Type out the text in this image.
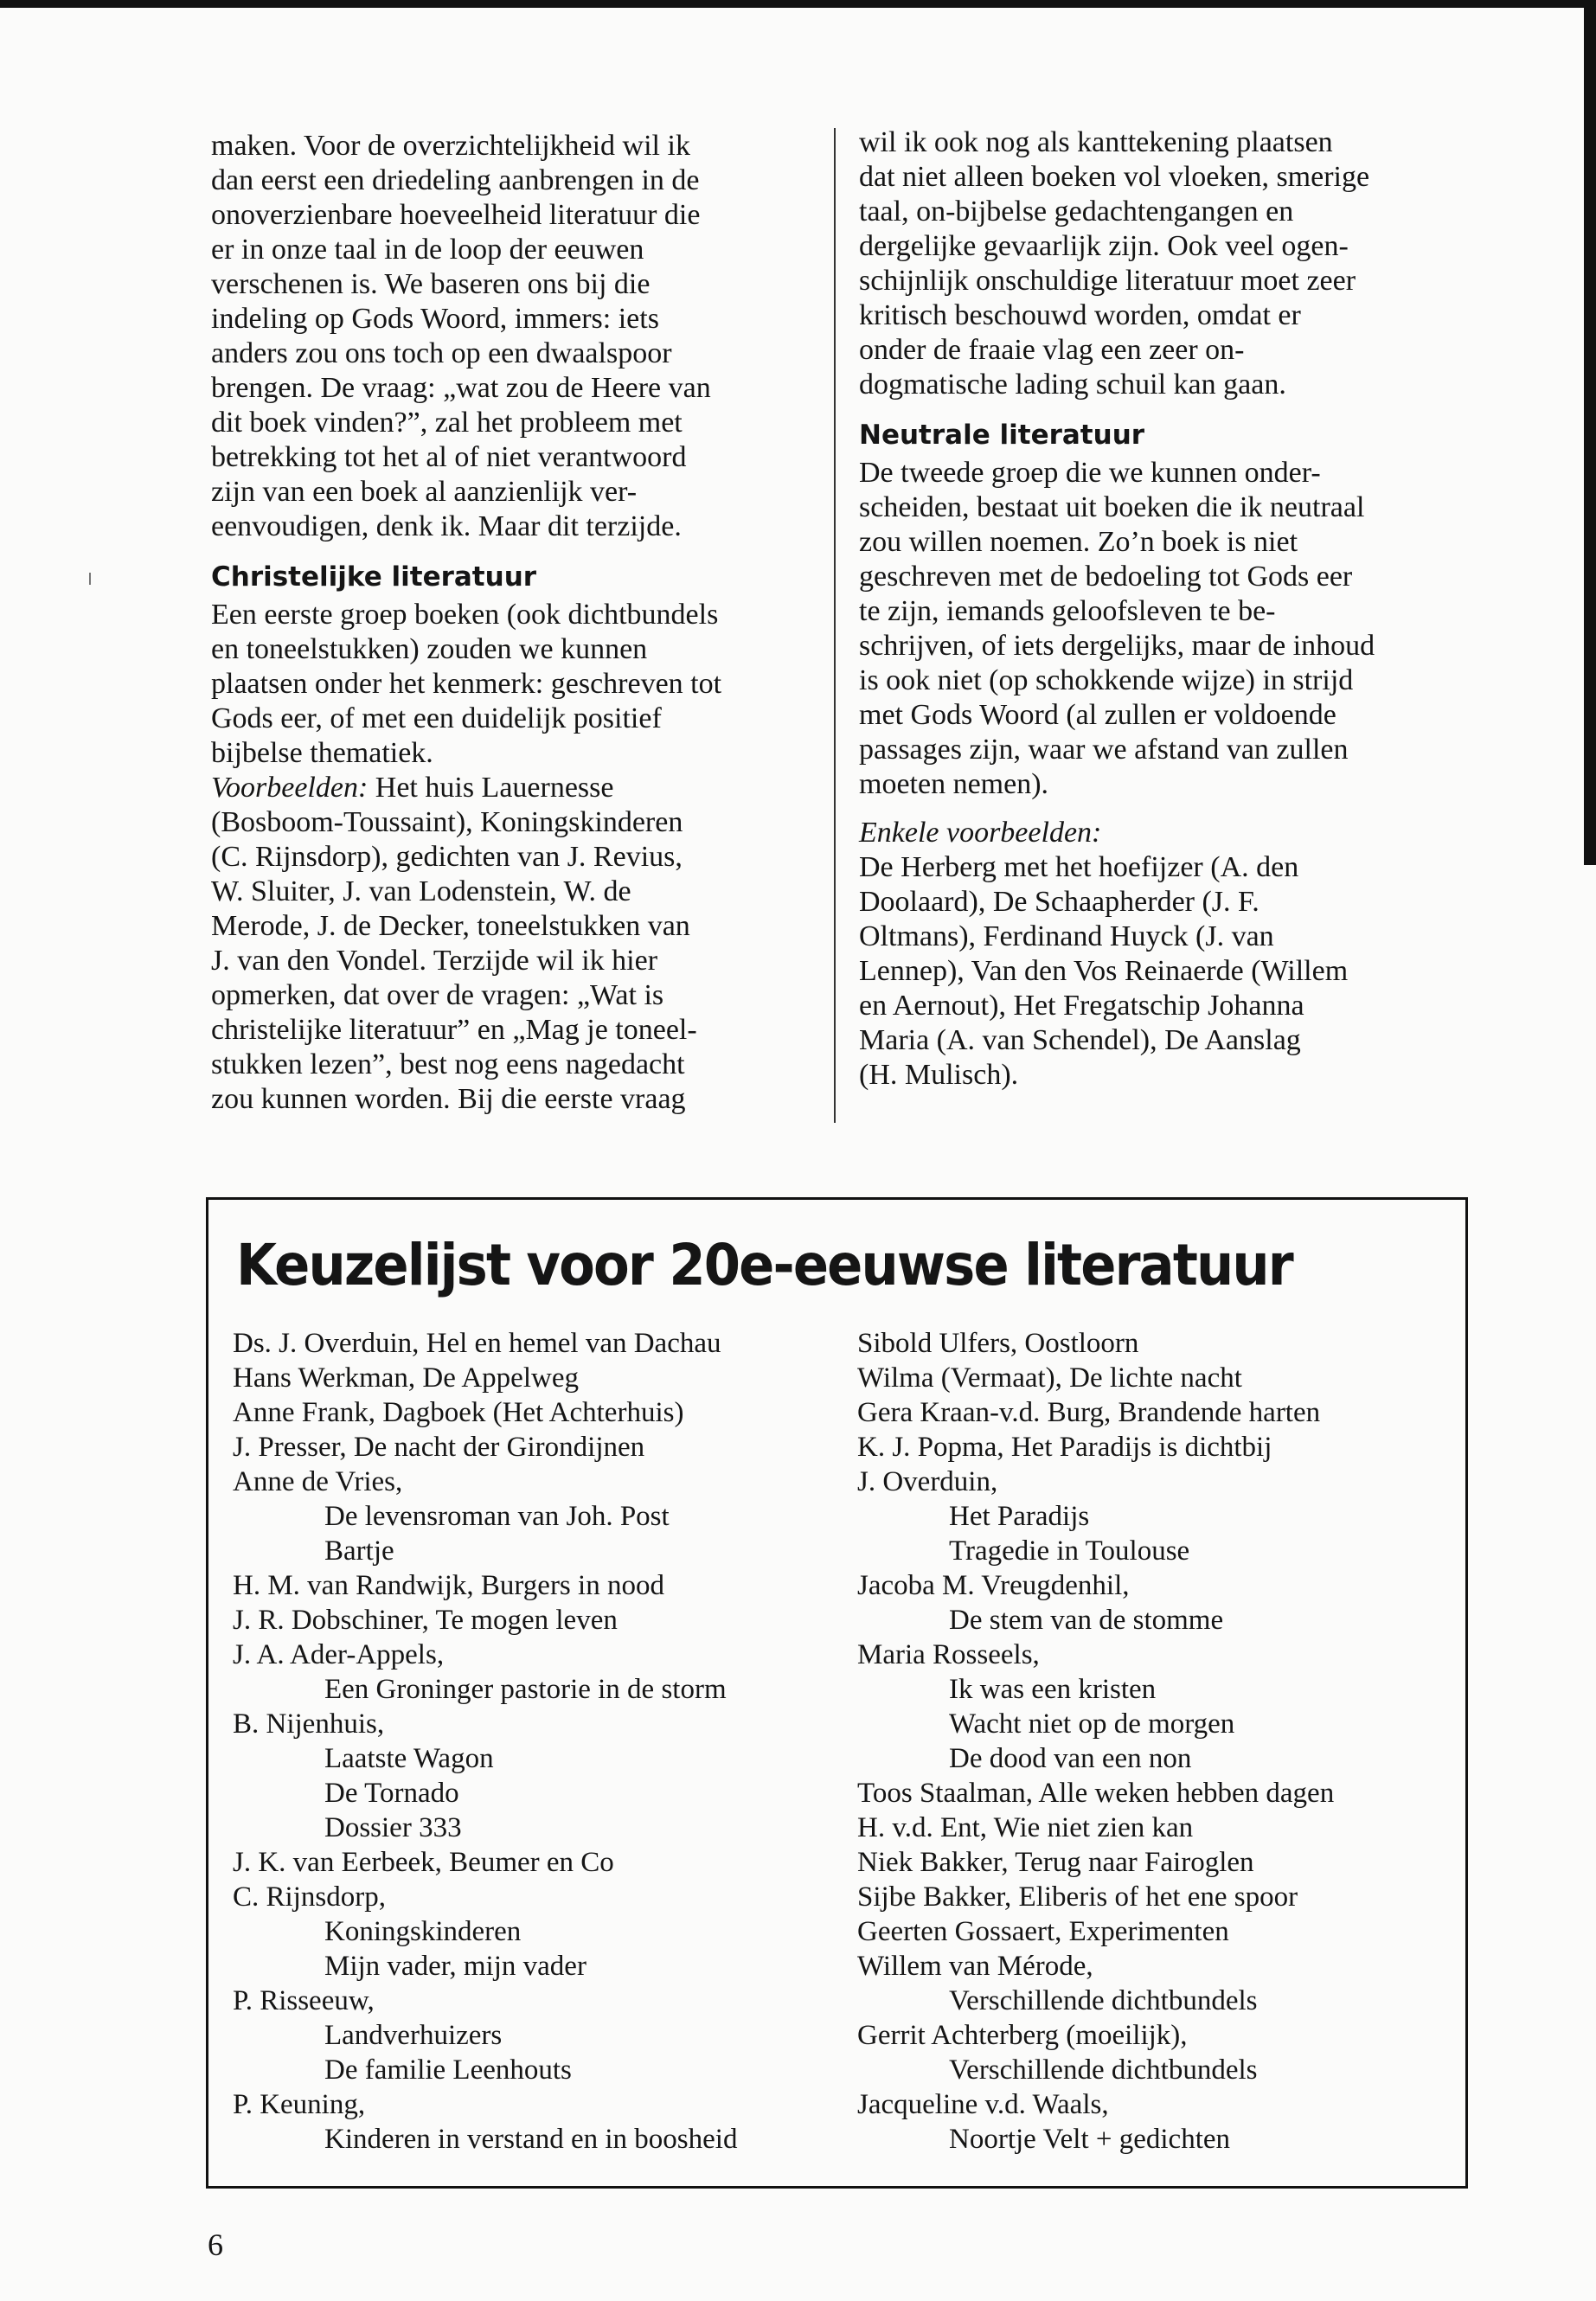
maken. Voor de overzichtelijkheid wil ik

dan eerst een driedeling aanbrengen in de

onoverzienbare hoeveelheid literatuur die

er in onze taal in de loop der eeuwen

verschenen is. We baseren ons bij die

indeling op Gods Woord, immers: iets

anders zou ons toch op een dwaalspoor

brengen. De vraag: „wat zou de Heere van

dit boek vinden?”, zal het probleem met

betrekking tot het al of niet verantwoord

zijn van een boek al aanzienlijk ver-

eenvoudigen, denk ik. Maar dit terzijde.

Christelijke literatuur

Een eerste groep boeken (ook dichtbundels

en toneelstukken) zouden we kunnen

plaatsen onder het kenmerk: geschreven tot

Gods eer, of met een duidelijk positief

bijbelse thematiek.

Voorbeelden: Het huis Lauernesse

(Bosboom-Toussaint), Koningskinderen

(C. Rijnsdorp), gedichten van J. Revius,

W. Sluiter, J. van Lodenstein, W. de

Merode, J. de Decker, toneelstukken van

J. van den Vondel. Terzijde wil ik hier

opmerken, dat over de vragen: „Wat is

christelijke literatuur” en „Mag je toneel-

stukken lezen”, best nog eens nagedacht

zou kunnen worden. Bij die eerste vraag

wil ik ook nog als kanttekening plaatsen

dat niet alleen boeken vol vloeken, smerige

taal, on-bijbelse gedachtengangen en

dergelijke gevaarlijk zijn. Ook veel ogen-

schijnlijk onschuldige literatuur moet zeer

kritisch beschouwd worden, omdat er

onder de fraaie vlag een zeer on-

dogmatische lading schuil kan gaan.

Neutrale literatuur

De tweede groep die we kunnen onder-

scheiden, bestaat uit boeken die ik neutraal

zou willen noemen. Zo’n boek is niet

geschreven met de bedoeling tot Gods eer

te zijn, iemands geloofsleven te be-

schrijven, of iets dergelijks, maar de inhoud

is ook niet (op schokkende wijze) in strijd

met Gods Woord (al zullen er voldoende

passages zijn, waar we afstand van zullen

moeten nemen).

Enkele voorbeelden:

De Herberg met het hoefijzer (A. den

Doolaard), De Schaapherder (J. F.

Oltmans), Ferdinand Huyck (J. van

Lennep), Van den Vos Reinaerde (Willem

en Aernout), Het Fregatschip Johanna

Maria (A. van Schendel), De Aanslag

(H. Mulisch).

Keuzelijst voor 20e-eeuwse literatuur
Ds. J. Overduin, Hel en hemel van Dachau
Hans Werkman, De Appelweg
Anne Frank, Dagboek (Het Achterhuis)
J. Presser, De nacht der Girondijnen
Anne de Vries,
De levensroman van Joh. Post
Bartje
H. M. van Randwijk, Burgers in nood
J. R. Dobschiner, Te mogen leven
J. A. Ader-Appels,
Een Groninger pastorie in de storm
B. Nijenhuis,
Laatste Wagon
De Tornado
Dossier 333
J. K. van Eerbeek, Beumer en Co
C. Rijnsdorp,
Koningskinderen
Mijn vader, mijn vader
P. Risseeuw,
Landverhuizers
De familie Leenhouts
P. Keuning,
Kinderen in verstand en in boosheid
Sibold Ulfers, Oostloorn
Wilma (Vermaat), De lichte nacht
Gera Kraan-v.d. Burg, Brandende harten
K. J. Popma, Het Paradijs is dichtbij
J. Overduin,
Het Paradijs
Tragedie in Toulouse
Jacoba M. Vreugdenhil,
De stem van de stomme
Maria Rosseels,
Ik was een kristen
Wacht niet op de morgen
De dood van een non
Toos Staalman, Alle weken hebben dagen
H. v.d. Ent, Wie niet zien kan
Niek Bakker, Terug naar Fairoglen
Sijbe Bakker, Eliberis of het ene spoor
Geerten Gossaert, Experimenten
Willem van Mérode,
Verschillende dichtbundels
Gerrit Achterberg (moeilijk),
Verschillende dichtbundels
Jacqueline v.d. Waals,
Noortje Velt + gedichten
6
